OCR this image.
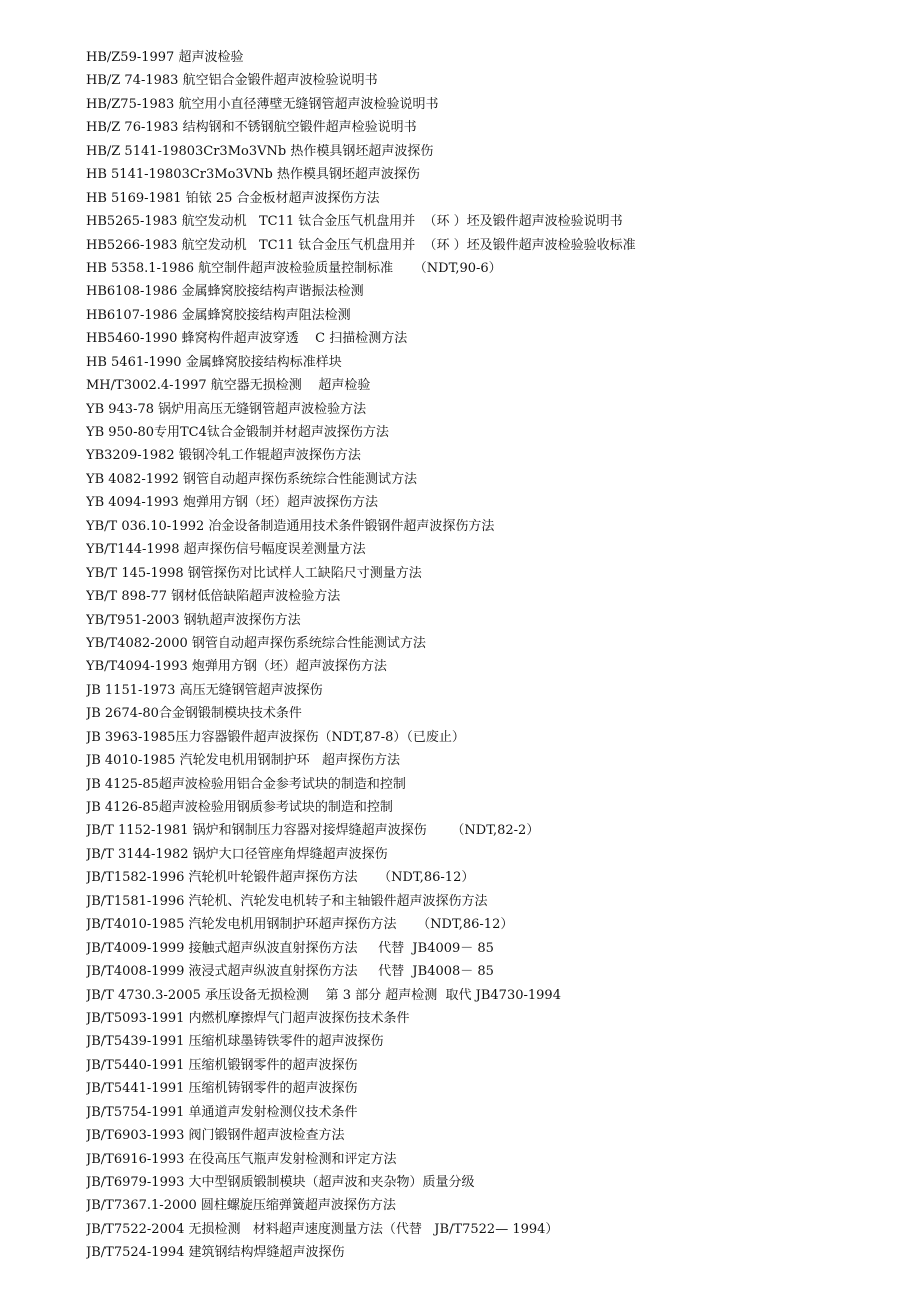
HB/Z59-1997 超声波检验
HB/Z 74-1983 航空铝合金锻件超声波检验说明书
HB/Z75-1983 航空用小直径薄壁无缝钢管超声波检验说明书
HB/Z 76-1983 结构钢和不锈钢航空锻件超声检验说明书
HB/Z 5141-19803Cr3Mo3VNb 热作模具钢坯超声波探伤
HB 5141-19803Cr3Mo3VNb 热作模具钢坯超声波探伤
HB 5169-1981 铂铱 25 合金板材超声波探伤方法
HB5265-1983 航空发动机   TC11 钛合金压气机盘用并  （环 ）坯及锻件超声波检验说明书
HB5266-1983 航空发动机   TC11 钛合金压气机盘用并  （环 ）坯及锻件超声波检验验收标准
HB 5358.1-1986 航空制件超声波检验质量控制标准     （NDT,90-6）
HB6108-1986 金属蜂窝胶接结构声谐振法检测
HB6107-1986 金属蜂窝胶接结构声阻法检测
HB5460-1990 蜂窝构件超声波穿透    C 扫描检测方法
HB 5461-1990 金属蜂窝胶接结构标准样块
MH/T3002.4-1997 航空器无损检测    超声检验
YB 943-78 锅炉用高压无缝钢管超声波检验方法
YB 950-80专用TC4钛合金锻制并材超声波探伤方法
YB3209-1982 锻钢冷轧工作辊超声波探伤方法
YB 4082-1992 钢管自动超声探伤系统综合性能测试方法
YB 4094-1993 炮弹用方钢（坯）超声波探伤方法
YB/T 036.10-1992 冶金设备制造通用技术条件锻钢件超声波探伤方法
YB/T144-1998 超声探伤信号幅度误差测量方法
YB/T 145-1998 钢管探伤对比试样人工缺陷尺寸测量方法
YB/T 898-77 钢材低倍缺陷超声波检验方法
YB/T951-2003 钢轨超声波探伤方法
YB/T4082-2000 钢管自动超声探伤系统综合性能测试方法
YB/T4094-1993 炮弹用方钢（坯）超声波探伤方法
JB 1151-1973 高压无缝钢管超声波探伤
JB 2674-80合金钢锻制模块技术条件
JB 3963-1985压力容器锻件超声波探伤（NDT,87-8）（已废止）
JB 4010-1985 汽轮发电机用钢制护环   超声探伤方法
JB 4125-85超声波检验用铝合金参考试块的制造和控制
JB 4126-85超声波检验用钢质参考试块的制造和控制
JB/T 1152-1981 锅炉和钢制压力容器对接焊缝超声波探伤      （NDT,82-2）
JB/T 3144-1982 锅炉大口径管座角焊缝超声波探伤
JB/T1582-1996 汽轮机叶轮锻件超声探伤方法     （NDT,86-12）
JB/T1581-1996 汽轮机、汽轮发电机转子和主轴锻件超声波探伤方法
JB/T4010-1985 汽轮发电机用钢制护环超声探伤方法     （NDT,86-12）
JB/T4009-1999 接触式超声纵波直射探伤方法     代替  JB4009－ 85
JB/T4008-1999 液浸式超声纵波直射探伤方法     代替  JB4008－ 85
JB/T 4730.3-2005 承压设备无损检测    第 3 部分 超声检测  取代 JB4730-1994
JB/T5093-1991 内燃机摩擦焊气门超声波探伤技术条件
JB/T5439-1991 压缩机球墨铸铁零件的超声波探伤
JB/T5440-1991 压缩机锻钢零件的超声波探伤
JB/T5441-1991 压缩机铸钢零件的超声波探伤
JB/T5754-1991 单通道声发射检测仪技术条件
JB/T6903-1993 阀门锻钢件超声波检查方法
JB/T6916-1993 在役高压气瓶声发射检测和评定方法
JB/T6979-1993 大中型钢质锻制模块（超声波和夹杂物）质量分级
JB/T7367.1-2000 圆柱螺旋压缩弹簧超声波探伤方法
JB/T7522-2004 无损检测   材料超声速度测量方法（代替   JB/T7522— 1994）
JB/T7524-1994 建筑钢结构焊缝超声波探伤
